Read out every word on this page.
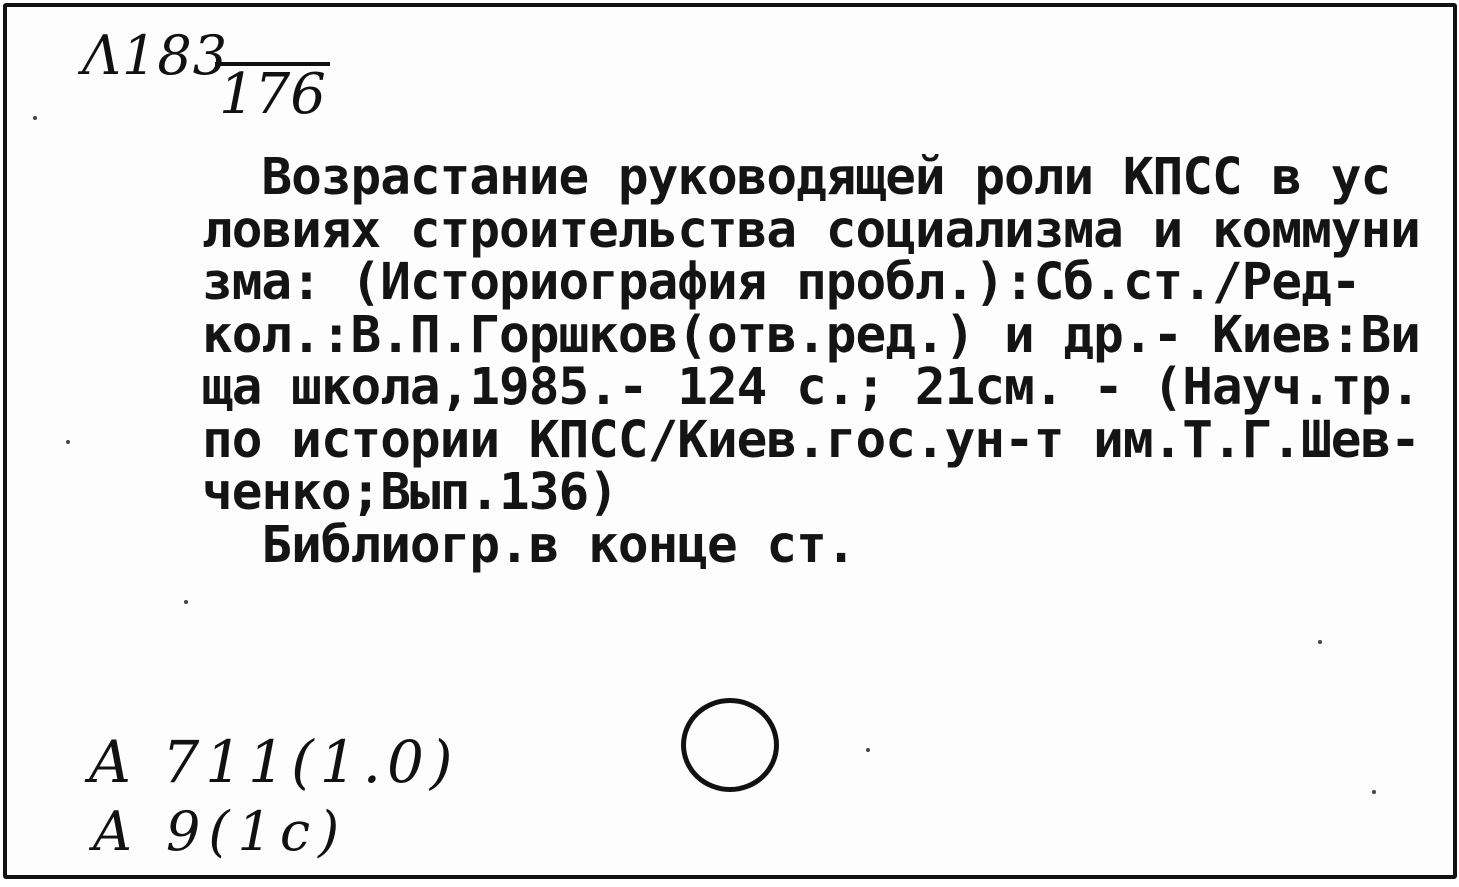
Λ183
176
Возрастание руководящей роли КПСС в ус
ловиях строительства социализма и коммуни
зма: (Историография пробл.):Сб.ст./Ред-
кол.:В.П.Горшков(отв.ред.) и др.- Киев:Ви
ща школа,1985.- 124 с.; 21см. - (Науч.тр.
по истории КПСС/Киев.гос.ун-т им.Т.Г.Шев-
ченко;Вып.136)
Библиогр.в конце ст.
А 711(1.0)
А 9(1с)
